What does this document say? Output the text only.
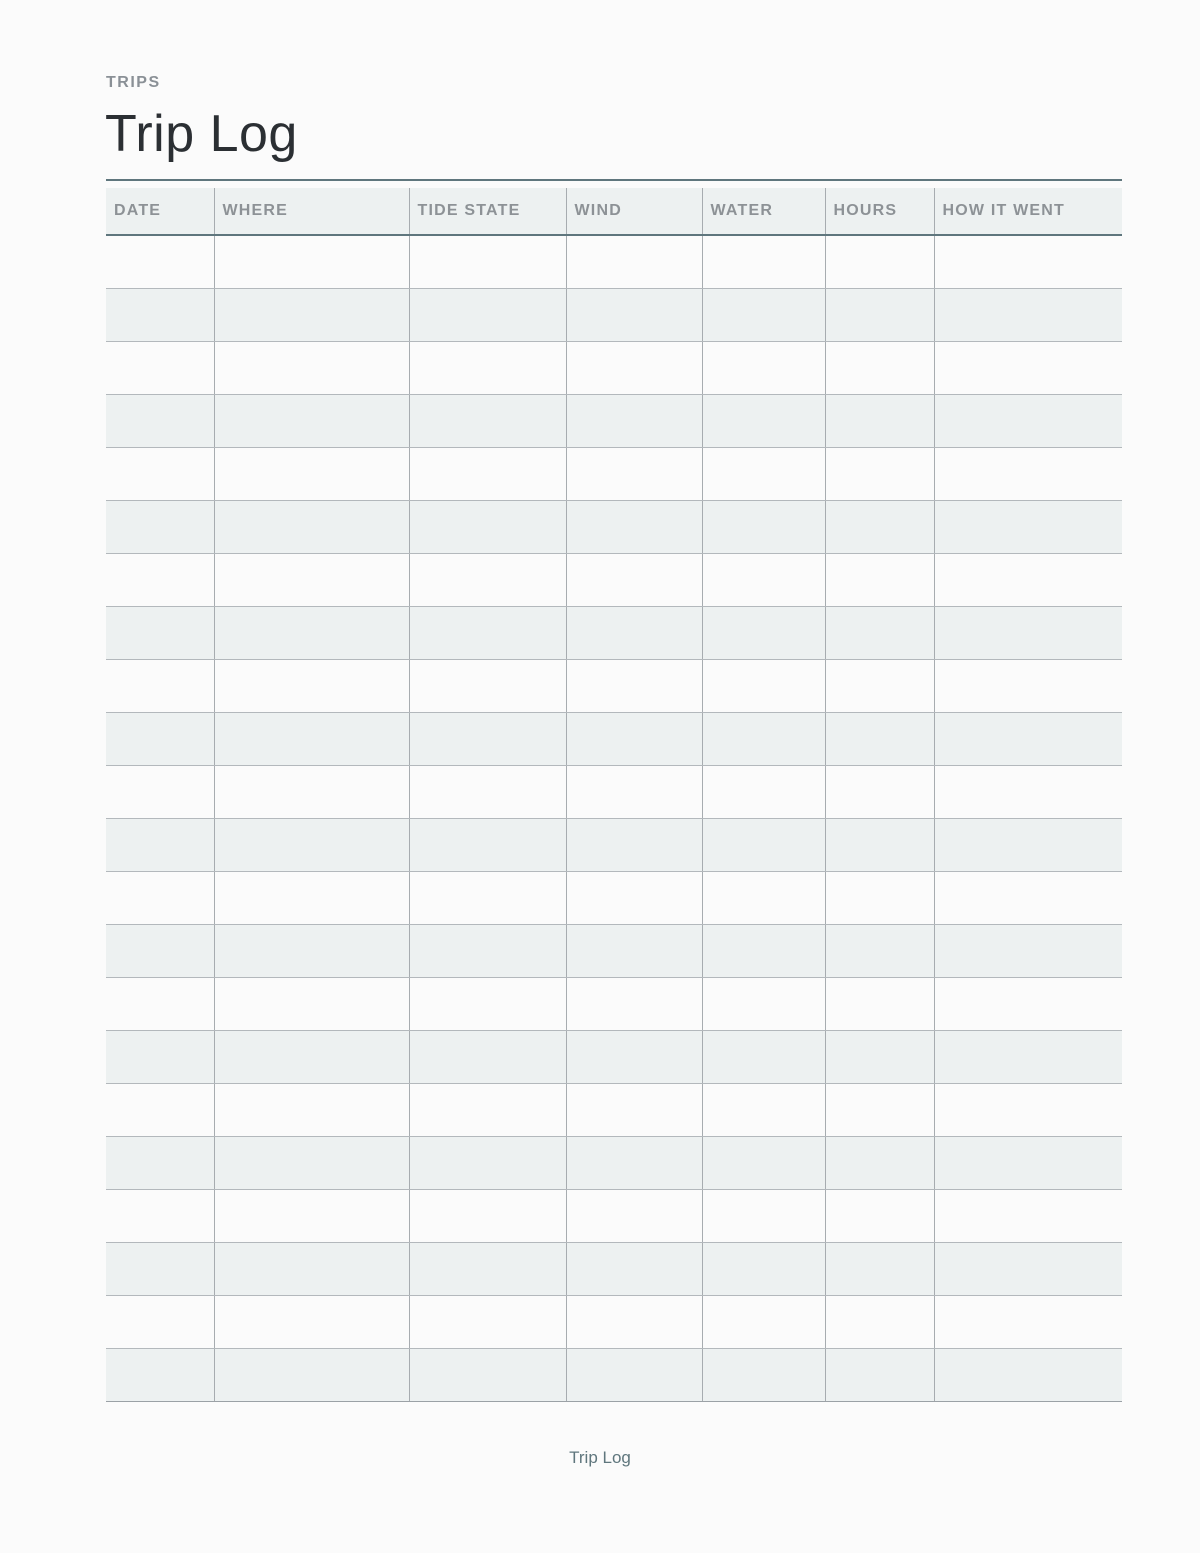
TRIPS
Trip Log
DATE	WHERE	TIDE STATE	WIND	WATER	HOURS	HOW IT WENT

Trip Log
